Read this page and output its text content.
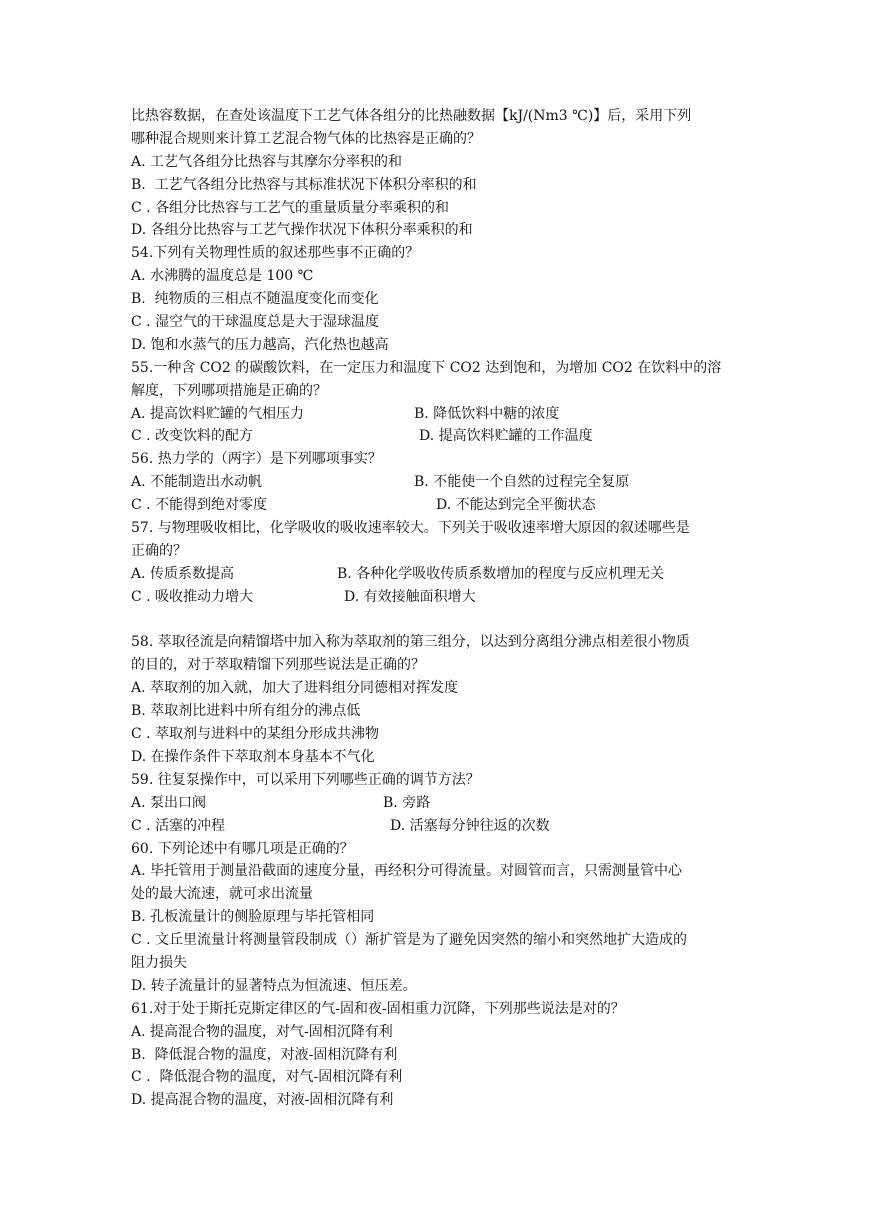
比热容数据，在查处该温度下工艺气体各组分的比热融数据【kJ/(Nm3 ℃)】后，采用下列
哪种混合规则来计算工艺混合物气体的比热容是正确的？
A. 工艺气各组分比热容与其摩尔分率积的和
B.  工艺气各组分比热容与其标准状况下体积分率积的和
C . 各组分比热容与工艺气的重量质量分率乘积的和
D. 各组分比热容与工艺气操作状况下体积分率乘积的和
54.下列有关物理性质的叙述那些事不正确的？
A. 水沸腾的温度总是 100 ℃
B.  纯物质的三相点不随温度变化而变化
C . 湿空气的干球温度总是大于湿球温度
D. 饱和水蒸气的压力越高，汽化热也越高
55.一种含 CO2 的碳酸饮料，在一定压力和温度下 CO2 达到饱和，为增加 CO2 在饮料中的溶
解度，下列哪项措施是正确的？
A. 提高饮料贮罐的气相压力	B. 降低饮料中糖的浓度
C . 改变饮料的配方	D. 提高饮料贮罐的工作温度
56. 热力学的（两字）是下列哪项事实？
A. 不能制造出水动帆	B. 不能使一个自然的过程完全复原
C . 不能得到绝对零度	D. 不能达到完全平衡状态
57. 与物理吸收相比，化学吸收的吸收速率较大。下列关于吸收速率增大原因的叙述哪些是
正确的？
A. 传质系数提高	B. 各种化学吸收传质系数增加的程度与反应机理无关
C . 吸收推动力增大	D. 有效接触面积增大
58. 萃取径流是向精馏塔中加入称为萃取剂的第三组分，以达到分离组分沸点相差很小物质
的目的，对于萃取精馏下列那些说法是正确的？
A. 萃取剂的加入就，加大了进料组分同德相对挥发度
B. 萃取剂比进料中所有组分的沸点低
C . 萃取剂与进料中的某组分形成共沸物
D. 在操作条件下萃取剂本身基本不气化
59. 往复泵操作中，可以采用下列哪些正确的调节方法？
A. 泵出口阀	B. 旁路
C . 活塞的冲程	D. 活塞每分钟往返的次数
60. 下列论述中有哪几项是正确的？
A. 毕托管用于测量沿截面的速度分量，再经积分可得流量。对圆管而言，只需测量管中心
处的最大流速，就可求出流量
B. 孔板流量计的侧脸原理与毕托管相同
C . 文丘里流量计将测量管段制成（）渐扩管是为了避免因突然的缩小和突然地扩大造成的
阻力损失
D. 转子流量计的显著特点为恒流速、恒压差。
61.对于处于斯托克斯定律区的气-固和夜-固相重力沉降，下列那些说法是对的？
A. 提高混合物的温度，对气-固相沉降有利
B.  降低混合物的温度，对液-固相沉降有利
C .  降低混合物的温度，对气-固相沉降有利
D. 提高混合物的温度，对液-固相沉降有利
